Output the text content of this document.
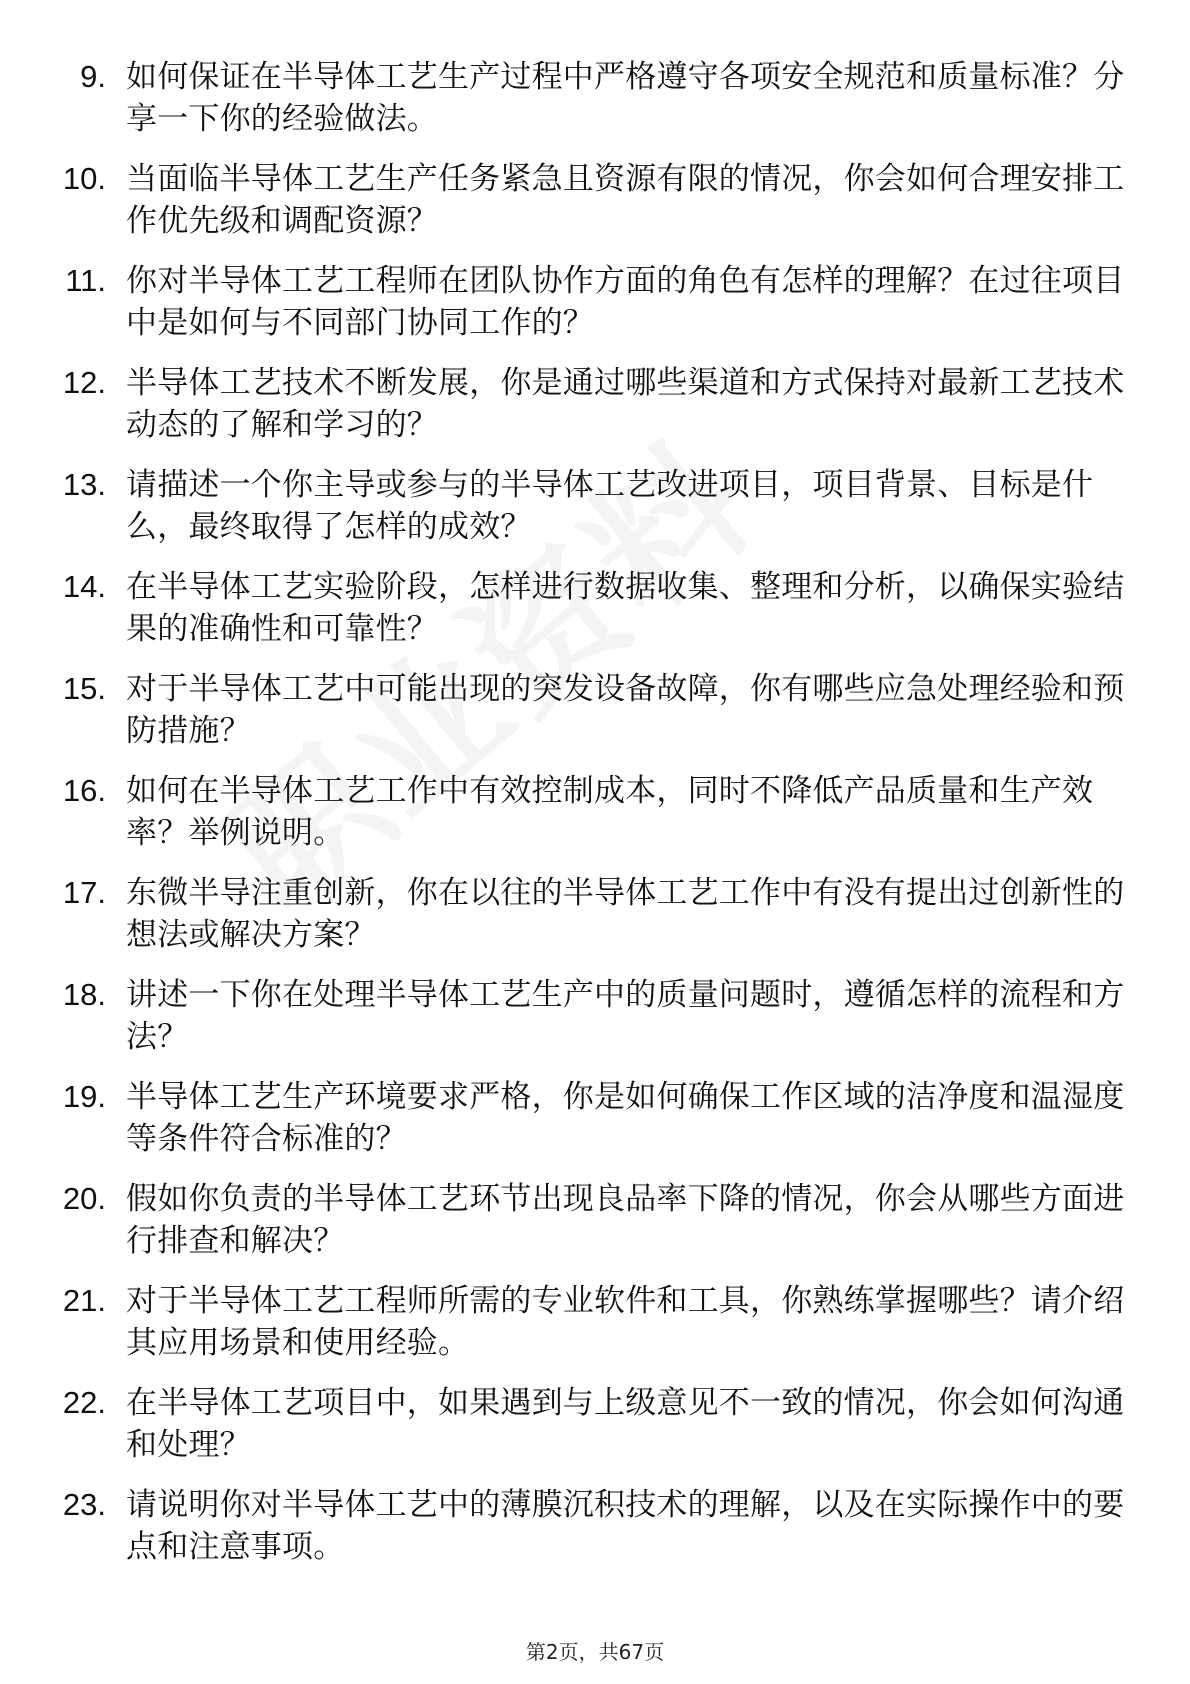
9. 如何保证在半导体工艺生产过程中严格遵守各项安全规范和质量标准？分享一下你的经验做法。
10. 当面临半导体工艺生产任务紧急且资源有限的情况，你会如何合理安排工作优先级和调配资源？
11. 你对半导体工艺工程师在团队协作方面的角色有怎样的理解？在过往项目中是如何与不同部门协同工作的？
12. 半导体工艺技术不断发展，你是通过哪些渠道和方式保持对最新工艺技术动态的了解和学习的？
13. 请描述一个你主导或参与的半导体工艺改进项目，项目背景、目标是什么，最终取得了怎样的成效？
14. 在半导体工艺实验阶段，怎样进行数据收集、整理和分析，以确保实验结果的准确性和可靠性？
15. 对于半导体工艺中可能出现的突发设备故障，你有哪些应急处理经验和预防措施？
16. 如何在半导体工艺工作中有效控制成本，同时不降低产品质量和生产效率？举例说明。
17. 东微半导注重创新，你在以往的半导体工艺工作中有没有提出过创新性的想法或解决方案？
18. 讲述一下你在处理半导体工艺生产中的质量问题时，遵循怎样的流程和方法？
19. 半导体工艺生产环境要求严格，你是如何确保工作区域的洁净度和温湿度等条件符合标准的？
20. 假如你负责的半导体工艺环节出现良品率下降的情况，你会从哪些方面进行排查和解决？
21. 对于半导体工艺工程师所需的专业软件和工具，你熟练掌握哪些？请介绍其应用场景和使用经验。
22. 在半导体工艺项目中，如果遇到与上级意见不一致的情况，你会如何沟通和处理？
23. 请说明你对半导体工艺中的薄膜沉积技术的理解，以及在实际操作中的要点和注意事项。
第2页，共67页
